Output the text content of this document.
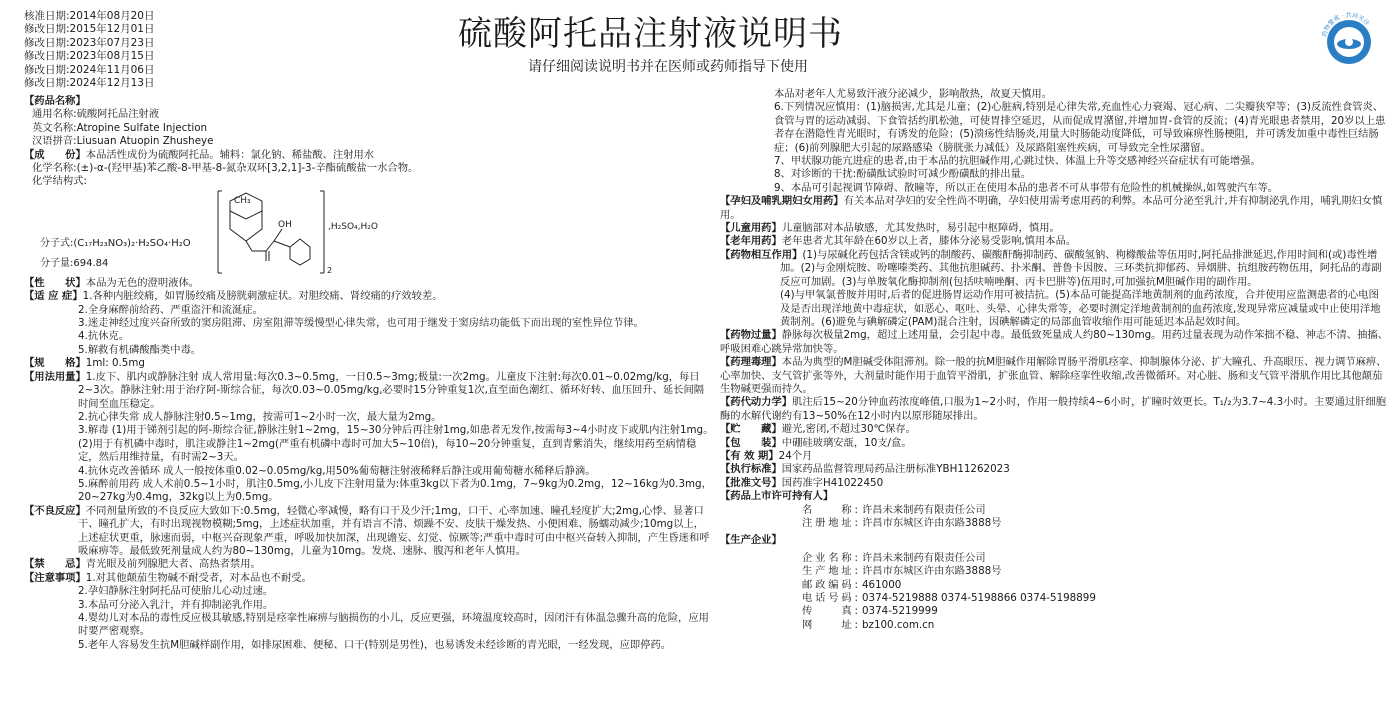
核准日期:2014年08月20日
修改日期:2015年12月01日
修改日期:2023年07月23日
修改日期:2023年08月15日
修改日期:2024年11月06日
修改日期:2024年12月13日
硫酸阿托品注射液说明书
请仔细阅读说明书并在医师或药师指导下使用
药物警戒 · 共同关注
【药品名称】
通用名称:硫酸阿托品注射液
英文名称:Atropine Sulfate Injection
汉语拼音:Liusuan Atuopin Zhusheye
【成　　份】本品活性成份为硫酸阿托品。辅料：氯化钠、稀盐酸、注射用水
化学名称:(±)-α-(羟甲基)苯乙酸-8-甲基-8-氮杂双环[3,2,1]-3-辛酯硫酸盐一水合物。
化学结构式:
CH₃
OH
2
,H₂SO₄,H₂O
分子式:(C₁₇H₂₃NO₃)₂·H₂SO₄·H₂O
分子量:694.84
【性　　状】本品为无色的澄明液体。
【适 应 症】1.各种内脏绞痛，如胃肠绞痛及膀胱刺激症状。对胆绞痛、肾绞痛的疗效较差。
2.全身麻醉前给药、严重盗汗和流涎症。
3.迷走神经过度兴奋所致的窦房阻滞、房室阻滞等缓慢型心律失常，也可用于继发于窦房结功能低下而出现的室性异位节律。
4.抗休克。
5.解救有机磷酸酯类中毒。
【规　　格】1ml: 0.5mg
【用法用量】1.皮下、肌内或静脉注射 成人常用量:每次0.3~0.5mg，一日0.5~3mg;极量:一次2mg。儿童皮下注射:每次0.01~0.02mg/kg，每日2~3次。静脉注射:用于治疗阿-斯综合征，每次0.03~0.05mg/kg,必要时15分钟重复1次,直至面色潮红、循环好转、血压回升、延长间隔时间至血压稳定。
2.抗心律失常 成人静脉注射0.5~1mg，按需可1~2小时一次，最大量为2mg。
3.解毒 (1)用于锑剂引起的阿-斯综合征,静脉注射1~2mg，15~30分钟后再注射1mg,如患者无发作,按需每3~4小时皮下或肌内注射1mg。(2)用于有机磷中毒时，肌注或静注1~2mg(严重有机磷中毒时可加大5~10倍)，每10~20分钟重复，直到青紫消失，继续用药至病情稳定，然后用维持量，有时需2~3天。
4.抗休克改善循环 成人一般按体重0.02~0.05mg/kg,用50%葡萄糖注射液稀释后静注或用葡萄糖水稀释后静滴。
5.麻醉前用药 成人术前0.5~1小时，肌注0.5mg,小儿皮下注射用量为:体重3kg以下者为0.1mg，7~9kg为0.2mg，12~16kg为0.3mg，20~27kg为0.4mg，32kg以上为0.5mg。
【不良反应】不同剂量所致的不良反应大致如下:0.5mg，轻微心率减慢，略有口干及少汗;1mg，口干、心率加速、瞳孔轻度扩大;2mg,心悸、显著口干、瞳孔扩大，有时出现视物模糊;5mg，上述症状加重，并有语言不清、烦躁不安、皮肤干燥发热、小便困难、肠蠕动减少;10mg以上，上述症状更重，脉速而弱，中枢兴奋现象严重，呼吸加快加深，出现谵妄、幻觉、惊厥等;严重中毒时可由中枢兴奋转入抑制，产生昏迷和呼吸麻痹等。最低致死剂量成人约为80~130mg，儿童为10mg。发烧、速脉、腹泻和老年人慎用。
【禁　　忌】青光眼及前列腺肥大者、高热者禁用。
【注意事项】1.对其他颠茄生物碱不耐受者，对本品也不耐受。
2.孕妇静脉注射阿托品可使胎儿心动过速。
3.本品可分泌入乳汁，并有抑制泌乳作用。
4.婴幼儿对本品的毒性反应极其敏感,特别是痉挛性麻痹与脑损伤的小儿，反应更强，环境温度较高时，因闭汗有体温急骤升高的危险，应用时要严密观察。
5.老年人容易发生抗M胆碱样副作用，如排尿困难、便秘、口干(特别是男性)，也易诱发未经诊断的青光眼，一经发现，应即停药。
本品对老年人尤易致汗液分泌减少，影响散热，故夏天慎用。
6.下列情况应慎用：(1)脑损害,尤其是儿童；(2)心脏病,特别是心律失常,充血性心力衰竭、冠心病、二尖瓣狭窄等；(3)反流性食管炎、食管与胃的运动减弱、下食管括约肌松弛，可使胃排空延迟，从而促成胃潴留,并增加胃-食管的反流；(4)青光眼患者禁用，20岁以上患者存在潜隐性青光眼时，有诱发的危险；(5)溃疡性结肠炎,用量大时肠能动度降低，可导致麻痹性肠梗阻，并可诱发加重中毒性巨结肠症；(6)前列腺肥大引起的尿路感染（膀胱张力减低）及尿路阻塞性疾病，可导致完全性尿潴留。
7、甲状腺功能亢进症的患者,由于本品的抗胆碱作用,心跳过快、体温上升等交感神经兴奋症状有可能增强。
8、对诊断的干扰:酚磺酞试验时可减少酚磺酞的排出量。
9、本品可引起视调节障碍、散瞳等，所以正在使用本品的患者不可从事带有危险性的机械操纵,如驾驶汽车等。
【孕妇及哺乳期妇女用药】有关本品对孕妇的安全性尚不明确，孕妇使用需考虑用药的利弊。本品可分泌至乳汁,并有抑制泌乳作用，哺乳期妇女慎用。
【儿童用药】儿童脑部对本品敏感，尤其发热时，易引起中枢障碍，慎用。
【老年用药】老年患者尤其年龄在60岁以上者，膝体分泌易受影响,慎用本品。
【药物相互作用】(1)与尿碱化药包括含镁或钙的制酸药、碳酸酐酶抑制药、碳酸氢钠、枸橼酸盐等伍用时,阿托品排泄延迟,作用时间和(或)毒性增加。(2)与金刚烷胺、吩噻嗪类药、其他抗胆碱药、扑米酮、普鲁卡因胺、三环类抗抑郁药、异烟肼、抗组胺药物伍用，阿托品的毒副反应可加剧。(3)与单胺氧化酶抑制剂(包括呋喃唑酮、丙卡巴肼等)伍用时,可加强抗M胆碱作用的副作用。
(4)与甲氧氯普胺并用时,后者的促进肠胃运动作用可被拮抗。(5)本品可能提高洋地黄制剂的血药浓度，合并使用应监测患者的心电图及是否出现洋地黄中毒症状，如恶心、呕吐、头晕、心律失常等，必要时测定洋地黄制剂的血药浓度,发现异常应减量或中止使用洋地黄制剂。(6)避免与碘解磷定(PAM)混合注射，因碘解磷定的局部血管收缩作用可能延迟本品起效时间。
【药物过量】静脉每次极量2mg，超过上述用量，会引起中毒。最低致死量成人约80~130mg。用药过量表现为动作笨拙不稳、神志不清、抽搐、呼吸困难心跳异常加快等。
【药理毒理】本品为典型的M胆碱受体阻滞剂。除一般的抗M胆碱作用解除胃肠平滑肌痉挛、抑制腺体分泌、扩大瞳孔、升高眼压、视力调节麻痹、心率加快、支气管扩张等外，大剂量时能作用于血管平滑肌，扩张血管、解除痉挛性收缩,改善微循环。对心脏、肠和支气管平滑肌作用比其他颠茄生物碱更强而持久。
【药代动力学】肌注后15~20分钟血药浓度峰值,口服为1~2小时，作用一般持续4~6小时，扩瞳时效更长。T₁/₂为3.7~4.3小时。主要通过肝细胞酶的水解代谢约有13~50%在12小时内以原形随尿排出。
【贮　　藏】避光,密闭,不超过30℃保存。
【包　　装】中硼硅玻璃安瓿，10支/盒。
【有 效 期】24个月
【执行标准】国家药品监督管理局药品注册标准YBH11262023
【批准文号】国药准字H41022450
【药品上市许可持有人】
名　　称: 许昌未来制药有限责任公司
注册地址: 许昌市东城区许由东路3888号
【生产企业】
企业名称: 许昌未来制药有限责任公司
生产地址: 许昌市东城区许由东路3888号
邮政编码: 461000
电话号码: 0374-5219888 0374-5198866 0374-5198899
传　　真: 0374-5219999
网　　址: bz100.com.cn
